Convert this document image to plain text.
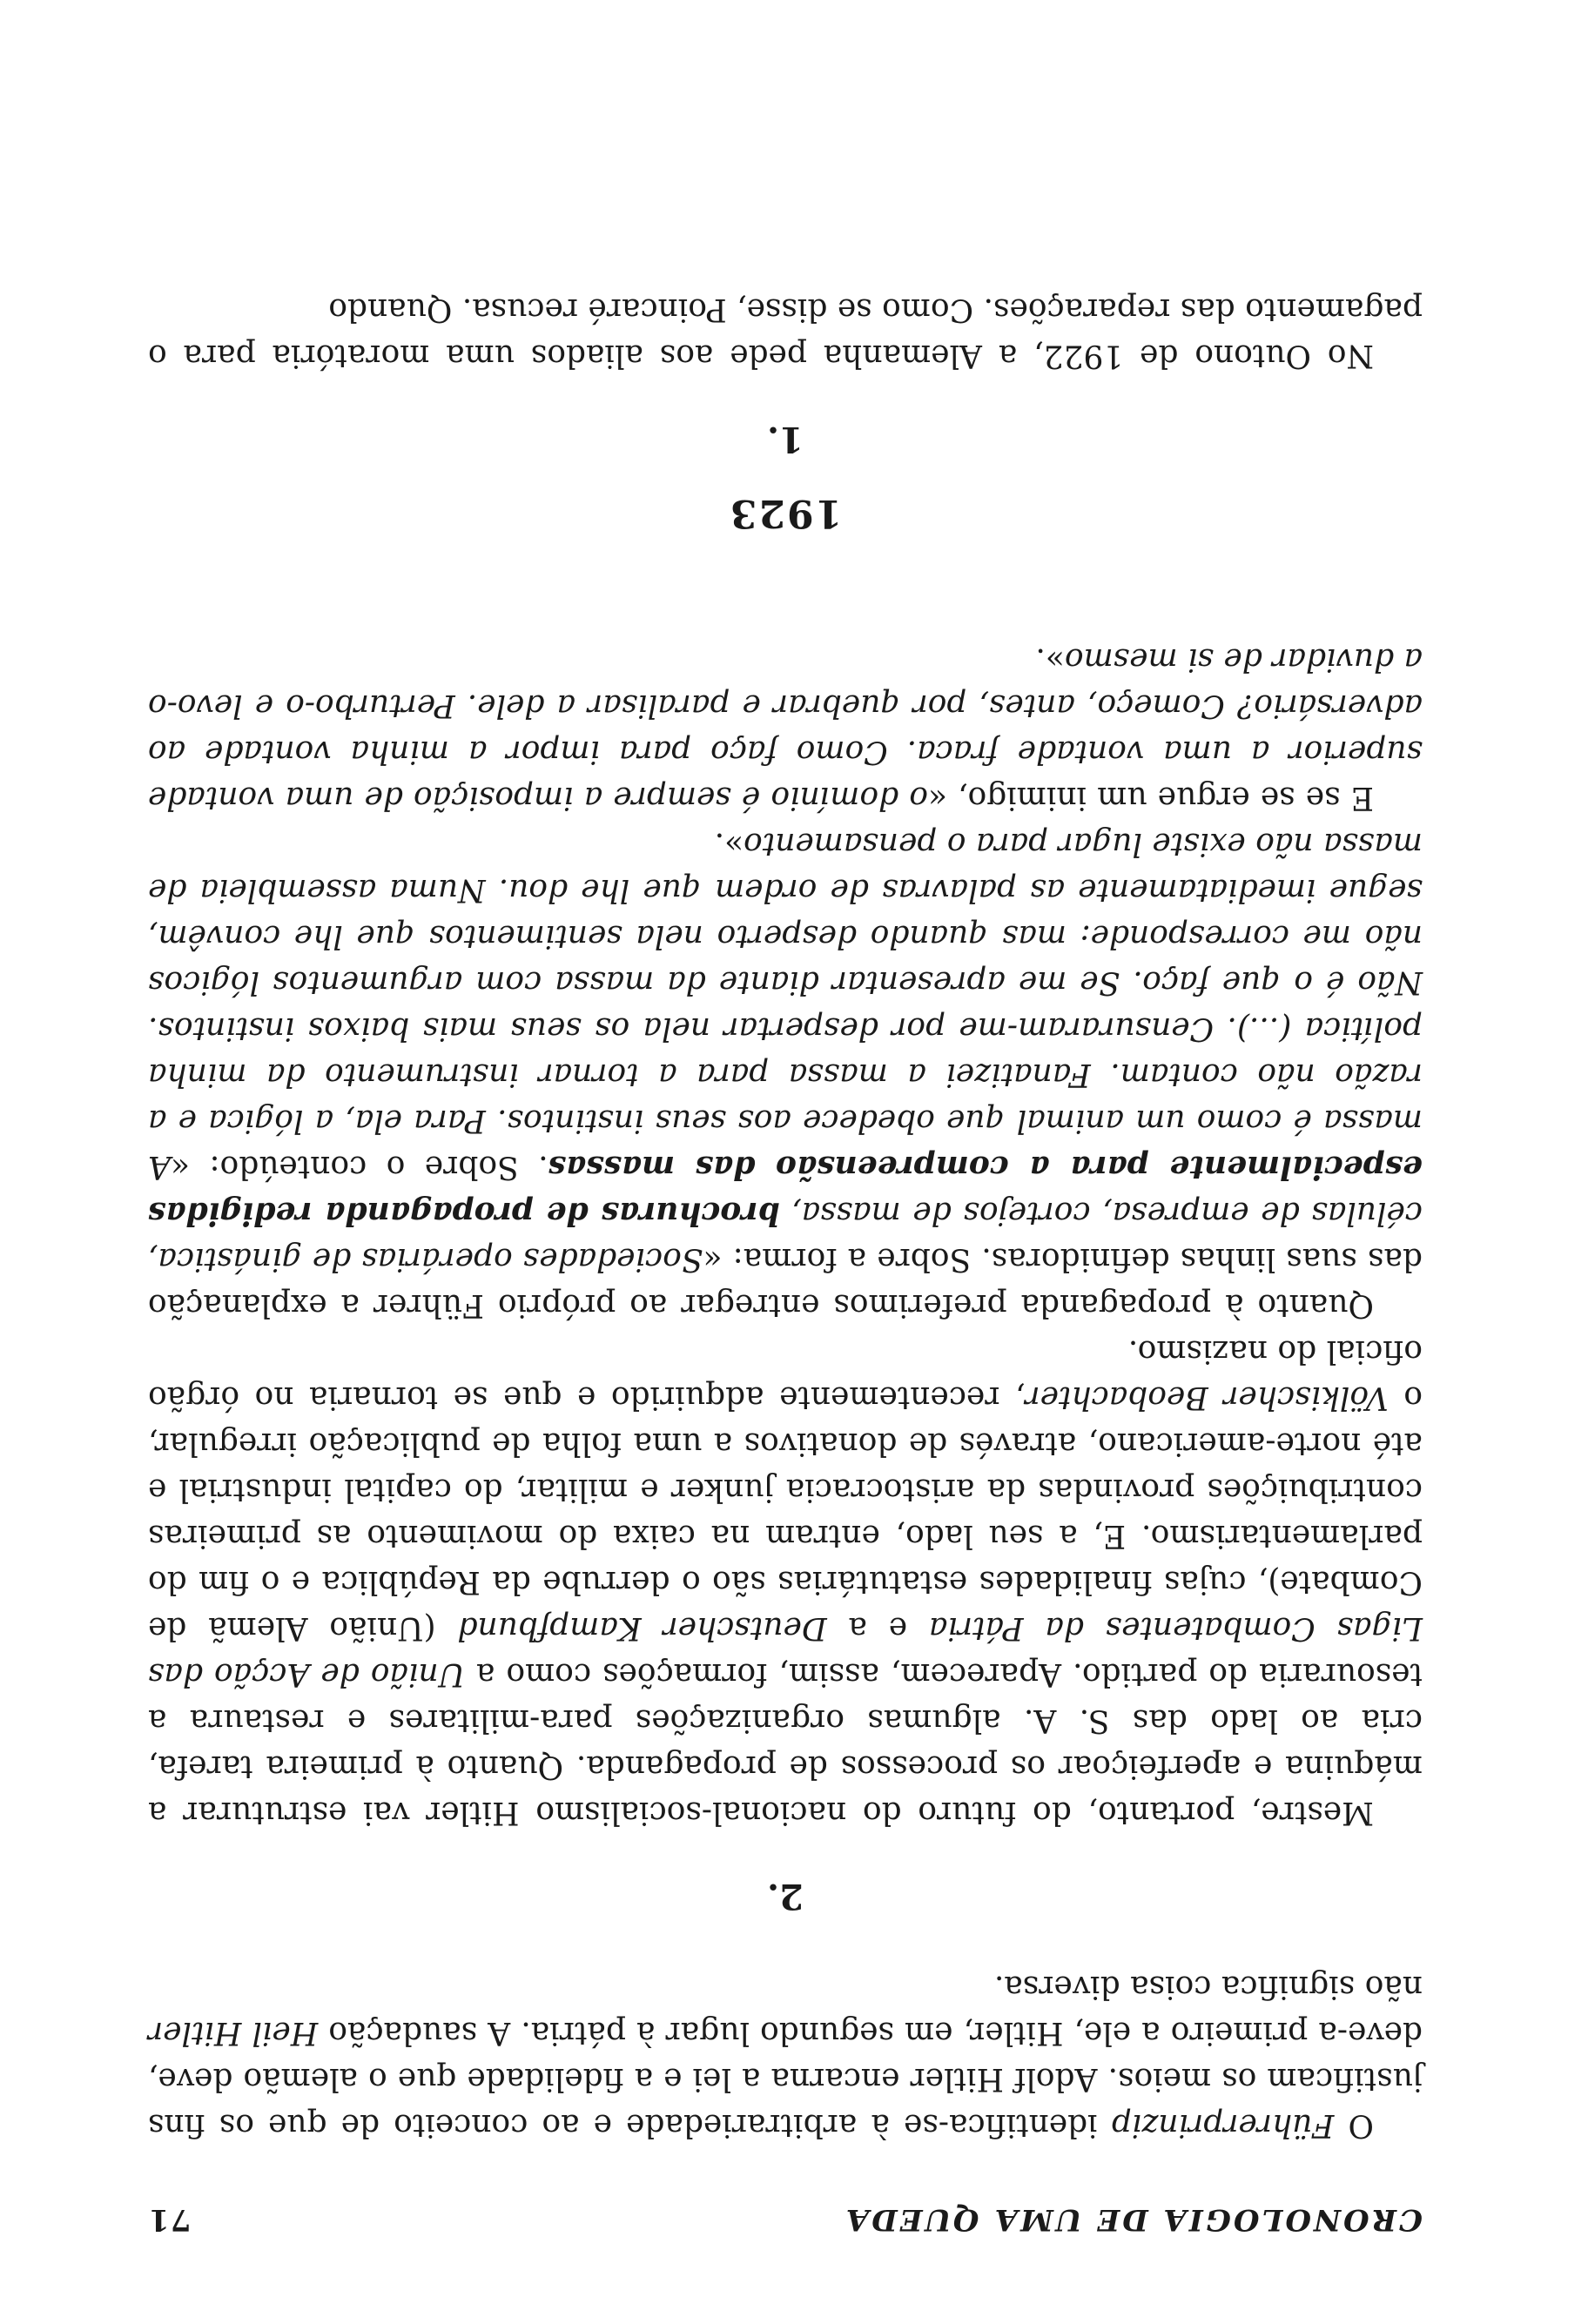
CRONOLOGIA DE UMA QUEDA
71

O Führerprinzip identifica-se à arbitrariedade e ao conceito de que os fins justificam os meios. Adolf Hitler encarna a lei e a fidelidade que o alemão deve, deve-a primeiro a ele, Hitler, em segundo lugar à pátria. A saudação Heil Hitler não significa coisa diversa.

2.

Mestre, portanto, do futuro do nacional-socialismo Hitler vai estruturar a máquina e aperfeiçoar os processos de propaganda. Quanto à primeira tarefa, cria ao lado das S. A. algumas organizações para-militares e restaura a tesouraria do partido. Aparecem, assim, formações como a União de Acção das Ligas Combatentes da Pátria e a Deutscher Kampfbund (União Alemã de Combate), cujas finalidades estatutárias são o derrube da República e o fim do parlamentarismo. E, a seu lado, entram na caixa do movimento as primeiras contribuições provindas da aristocracia junker e militar, do capital industrial e até norte-americano, através de donativos a uma folha de publicação irregular, o Völkischer Beobachter, recentemente adquirido e que se tornaria no órgão oficial do nazismo.

Quanto à propaganda preferimos entregar ao próprio Führer a explanação das suas linhas definidoras. Sobre a forma: «Sociedades operárias de ginástica, células de empresa, cortejos de massa, brochuras de propaganda redigidas especialmente para a compreensão das massas. Sobre o conteúdo: «A massa é como um animal que obedece aos seus instintos. Para ela, a lógica e a razão não contam. Fanatizei a massa para a tornar instrumento da minha política (...). Censuraram-me por despertar nela os seus mais baixos instintos. Não é o que faço. Se me apresentar diante da massa com argumentos lógicos não me corresponde: mas quando desperto nela sentimentos que lhe convêm, segue imediatamente as palavras de ordem que lhe dou. Numa assembleia de massa não existe lugar para o pensamento».

E se se ergue um inimigo, «o domínio é sempre a imposição de uma vontade superior a uma vontade fraca. Como faço para impor a minha vontade ao adversário? Começo, antes, por quebrar e paralisar a dele. Perturbo-o e levo-o a duvidar de si mesmo».

1923
1.

No Outono de 1922, a Alemanha pede aos aliados uma moratória para o pagamento das reparações. Como se disse, Poincaré recusa. Quando
